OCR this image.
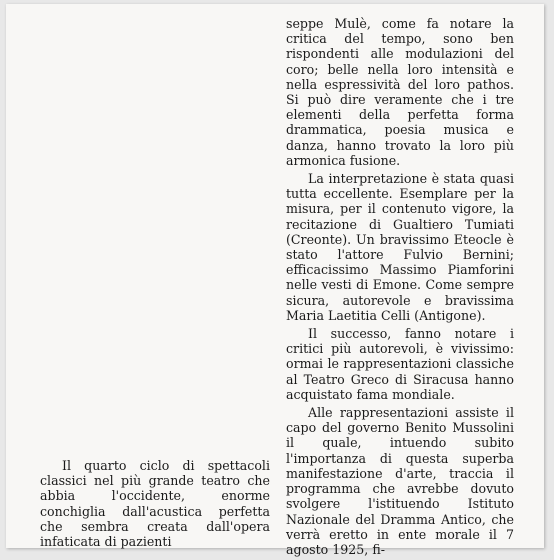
seppe Mulè, come fa notare la critica del tempo, sono ben rispondenti alle modulazioni del coro; belle nella loro intensità e nella espressività del loro pathos. Si può dire veramente che i tre elementi della perfetta forma drammatica, poesia musica e danza, hanno trovato la loro più armonica fusione.

La interpretazione è stata quasi tutta eccellente. Esemplare per la misura, per il contenuto vigore, la recitazione di Gualtiero Tumiati (Creonte). Un bravissimo Eteocle è stato l'attore Fulvio Bernini; efficacissimo Massimo Piamforini nelle vesti di Emone. Come sempre sicura, autorevole e bravissima Maria Laetitia Celli (Antigone).

Il successo, fanno notare i critici più autorevoli, è vivissimo: ormai le rappresentazioni classiche al Teatro Greco di Siracusa hanno acquistato fama mondiale.

Alle rappresentazioni assiste il capo del governo Benito Mussolini il quale, intuendo subito l'importanza di questa superba manifestazione d'arte, traccia il programma che avrebbe dovuto svolgere l'istituendo Istituto Nazionale del Dramma Antico, che verrà eretto in ente morale il 7 agosto 1925, fi-

Il quarto ciclo di spettacoli classici nel più grande teatro che abbia l'occidente, enorme conchiglia dall'acustica perfetta che sembra creata dall'opera infaticata di pazienti
